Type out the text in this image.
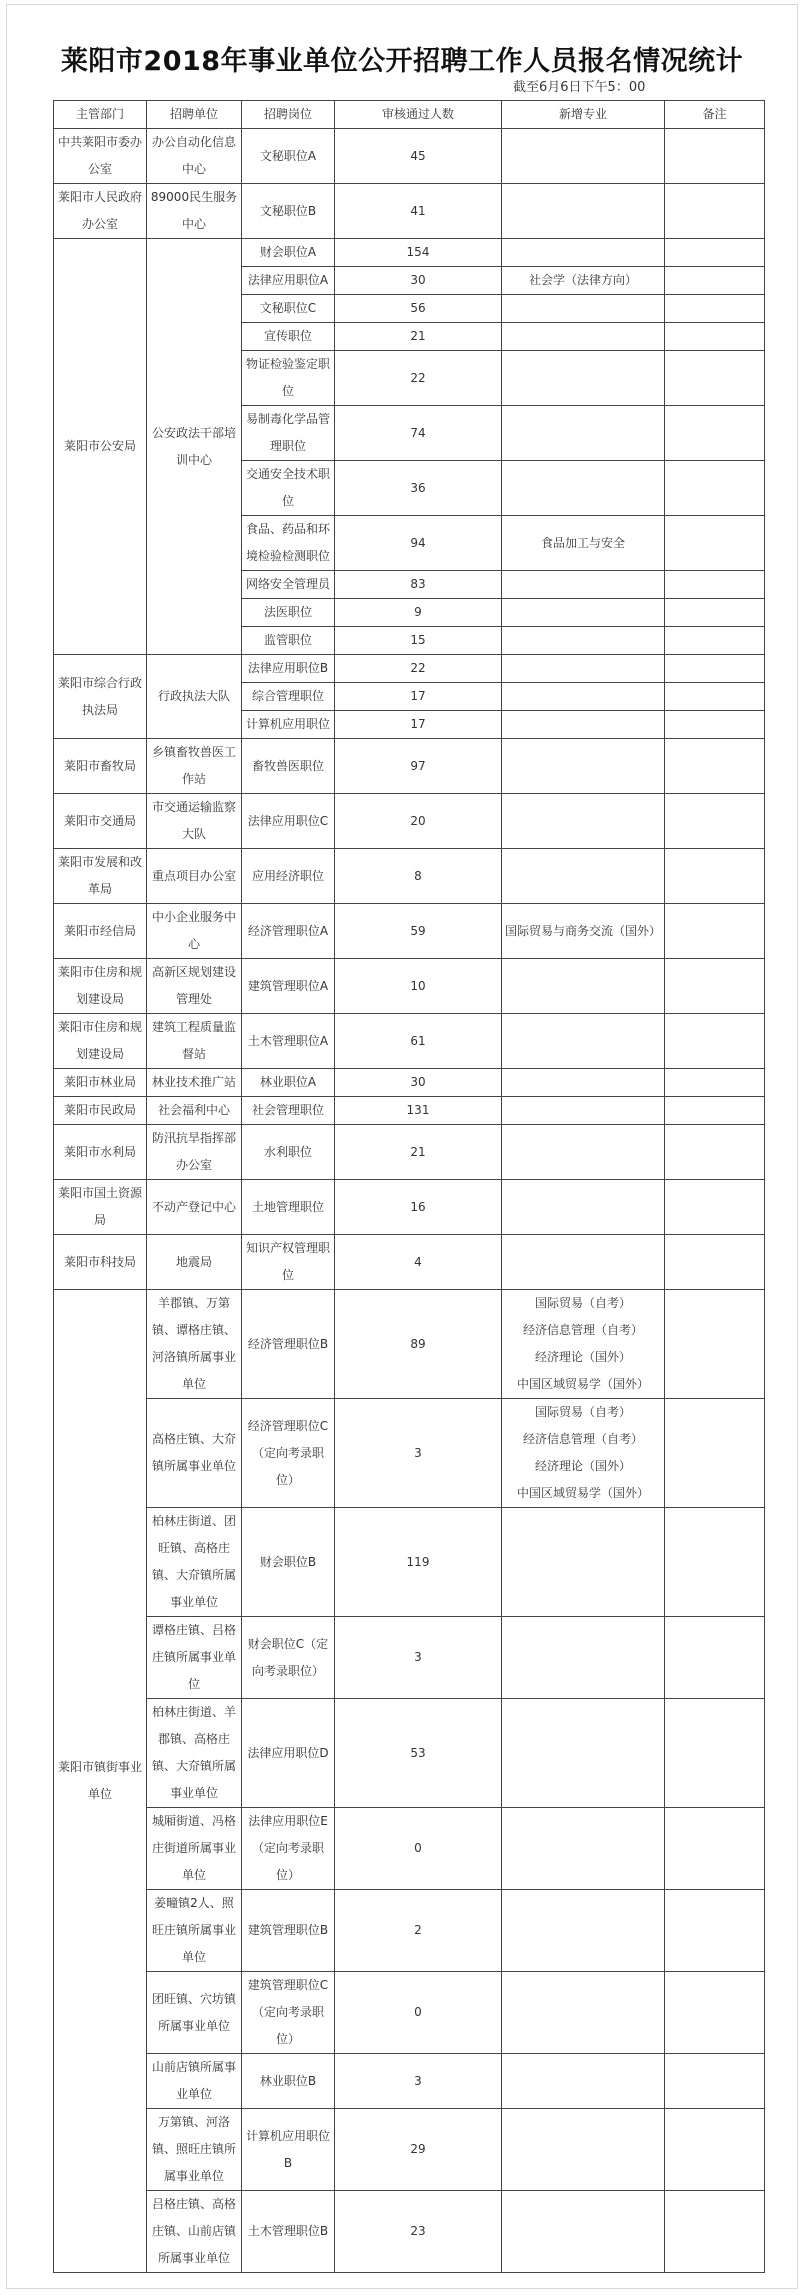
莱阳市2018年事业单位公开招聘工作人员报名情况统计
截至6月6日下午5：00
主管部门	招聘单位	招聘岗位	审核通过人数	新增专业	备注
中共莱阳市委办公室	办公自动化信息中心	文秘职位A	45		
莱阳市人民政府办公室	89000民生服务中心	文秘职位B	41		
莱阳市公安局	公安政法干部培训中心	财会职位A	154		
		法律应用职位A	30	社会学（法律方向）	
		文秘职位C	56		
		宣传职位	21		
		物证检验鉴定职位	22		
		易制毒化学品管理职位	74		
		交通安全技术职位	36		
		食品、药品和环境检验检测职位	94	食品加工与安全	
		网络安全管理员	83		
		法医职位	9		
		监管职位	15		
莱阳市综合行政执法局	行政执法大队	法律应用职位B	22		
		综合管理职位	17		
		计算机应用职位	17		
莱阳市畜牧局	乡镇畜牧兽医工作站	畜牧兽医职位	97		
莱阳市交通局	市交通运输监察大队	法律应用职位C	20		
莱阳市发展和改革局	重点项目办公室	应用经济职位	8		
莱阳市经信局	中小企业服务中心	经济管理职位A	59	国际贸易与商务交流（国外）	
莱阳市住房和规划建设局	高新区规划建设管理处	建筑管理职位A	10		
莱阳市住房和规划建设局	建筑工程质量监督站	土木管理职位A	61		
莱阳市林业局	林业技术推广站	林业职位A	30		
莱阳市民政局	社会福利中心	社会管理职位	131		
莱阳市水利局	防汛抗旱指挥部办公室	水利职位	21		
莱阳市国土资源局	不动产登记中心	土地管理职位	16		
莱阳市科技局	地震局	知识产权管理职位	4		
莱阳市镇街事业单位	羊郡镇、万第镇、谭格庄镇、河洛镇所属事业单位	经济管理职位B	89	国际贸易（自考）
经济信息管理（自考）
经济理论（国外）
中国区域贸易学（国外）	
	高格庄镇、大夼镇所属事业单位	经济管理职位C（定向考录职位）	3	国际贸易（自考）
经济信息管理（自考）
经济理论（国外）
中国区域贸易学（国外）	
	柏林庄街道、团旺镇、高格庄镇、大夼镇所属事业单位	财会职位B	119		
	谭格庄镇、吕格庄镇所属事业单位	财会职位C（定向考录职位）	3		
	柏林庄街道、羊郡镇、高格庄镇、大夼镇所属事业单位	法律应用职位D	53		
	城厢街道、冯格庄街道所属事业单位	法律应用职位E（定向考录职位）	0		
	姜疃镇2人、照旺庄镇所属事业单位	建筑管理职位B	2		
	团旺镇、穴坊镇所属事业单位	建筑管理职位C（定向考录职位）	0		
	山前店镇所属事业单位	林业职位B	3		
	万第镇、河洛镇、照旺庄镇所属事业单位	计算机应用职位B	29		
	吕格庄镇、高格庄镇、山前店镇所属事业单位	土木管理职位B	23		
